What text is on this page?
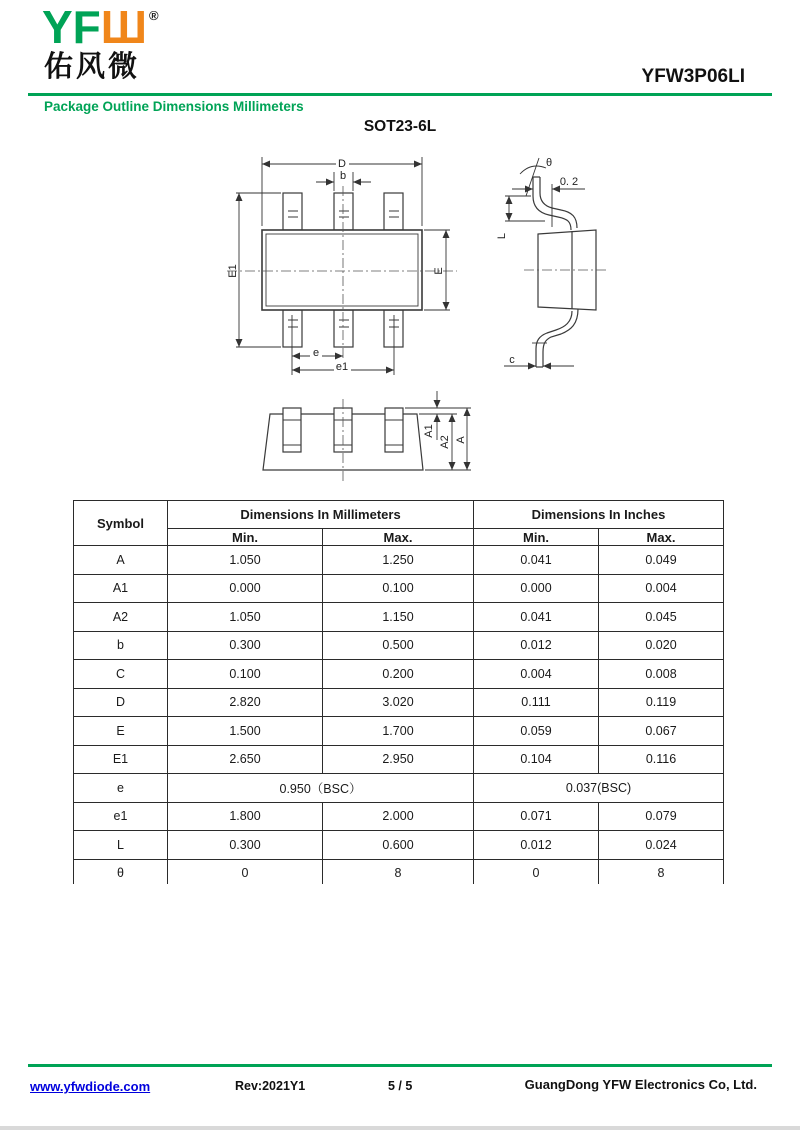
YFШ ®
佑风微	YFW3P06LI
Package Outline Dimensions Millimeters
SOT23-6L
D
b
E1	E
e
e1
θ
0. 2
L
c
A1
A2 A
Symbol	Dimensions In Millimeters		Dimensions In Inches	
	Min.	Max.	Min.	Max.
A	1.050	1.250	0.041	0.049
A1	0.000	0.100	0.000	0.004
A2	1.050	1.150	0.041	0.045
b	0.300	0.500	0.012	0.020
C	0.100	0.200	0.004	0.008
D	2.820	3.020	0.111	0.119
E	1.500	1.700	0.059	0.067
E1	2.650	2.950	0.104	0.116
e	0.950（BSC）		0.037(BSC)	
e1	1.800	2.000	0.071	0.079
L	0.300	0.600	0.012	0.024
θ	0	8	0	8
www.yfwdiode.com	Rev:2021Y1	5 / 5	GuangDong YFW Electronics Co, Ltd.
